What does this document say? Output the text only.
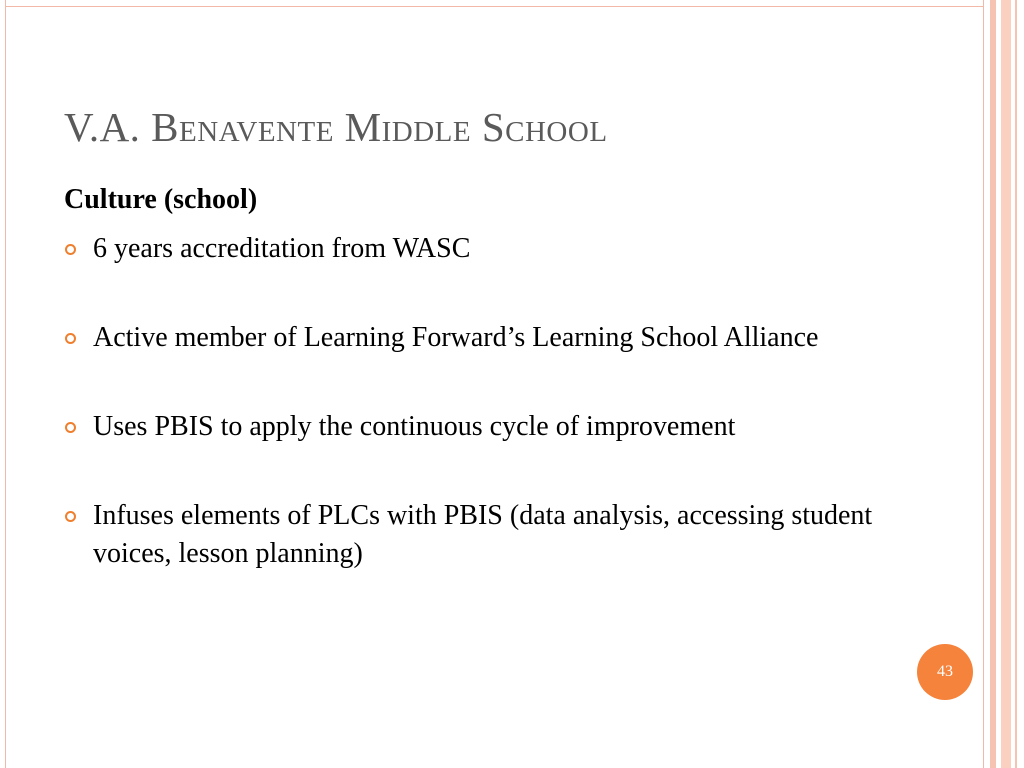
V.A. Benavente Middle School
Culture (school)
6 years accreditation from WASC
Active member of Learning Forward’s Learning School Alliance
Uses PBIS to apply the continuous cycle of improvement
Infuses elements of PLCs with PBIS (data analysis, accessing student voices, lesson planning)
43
